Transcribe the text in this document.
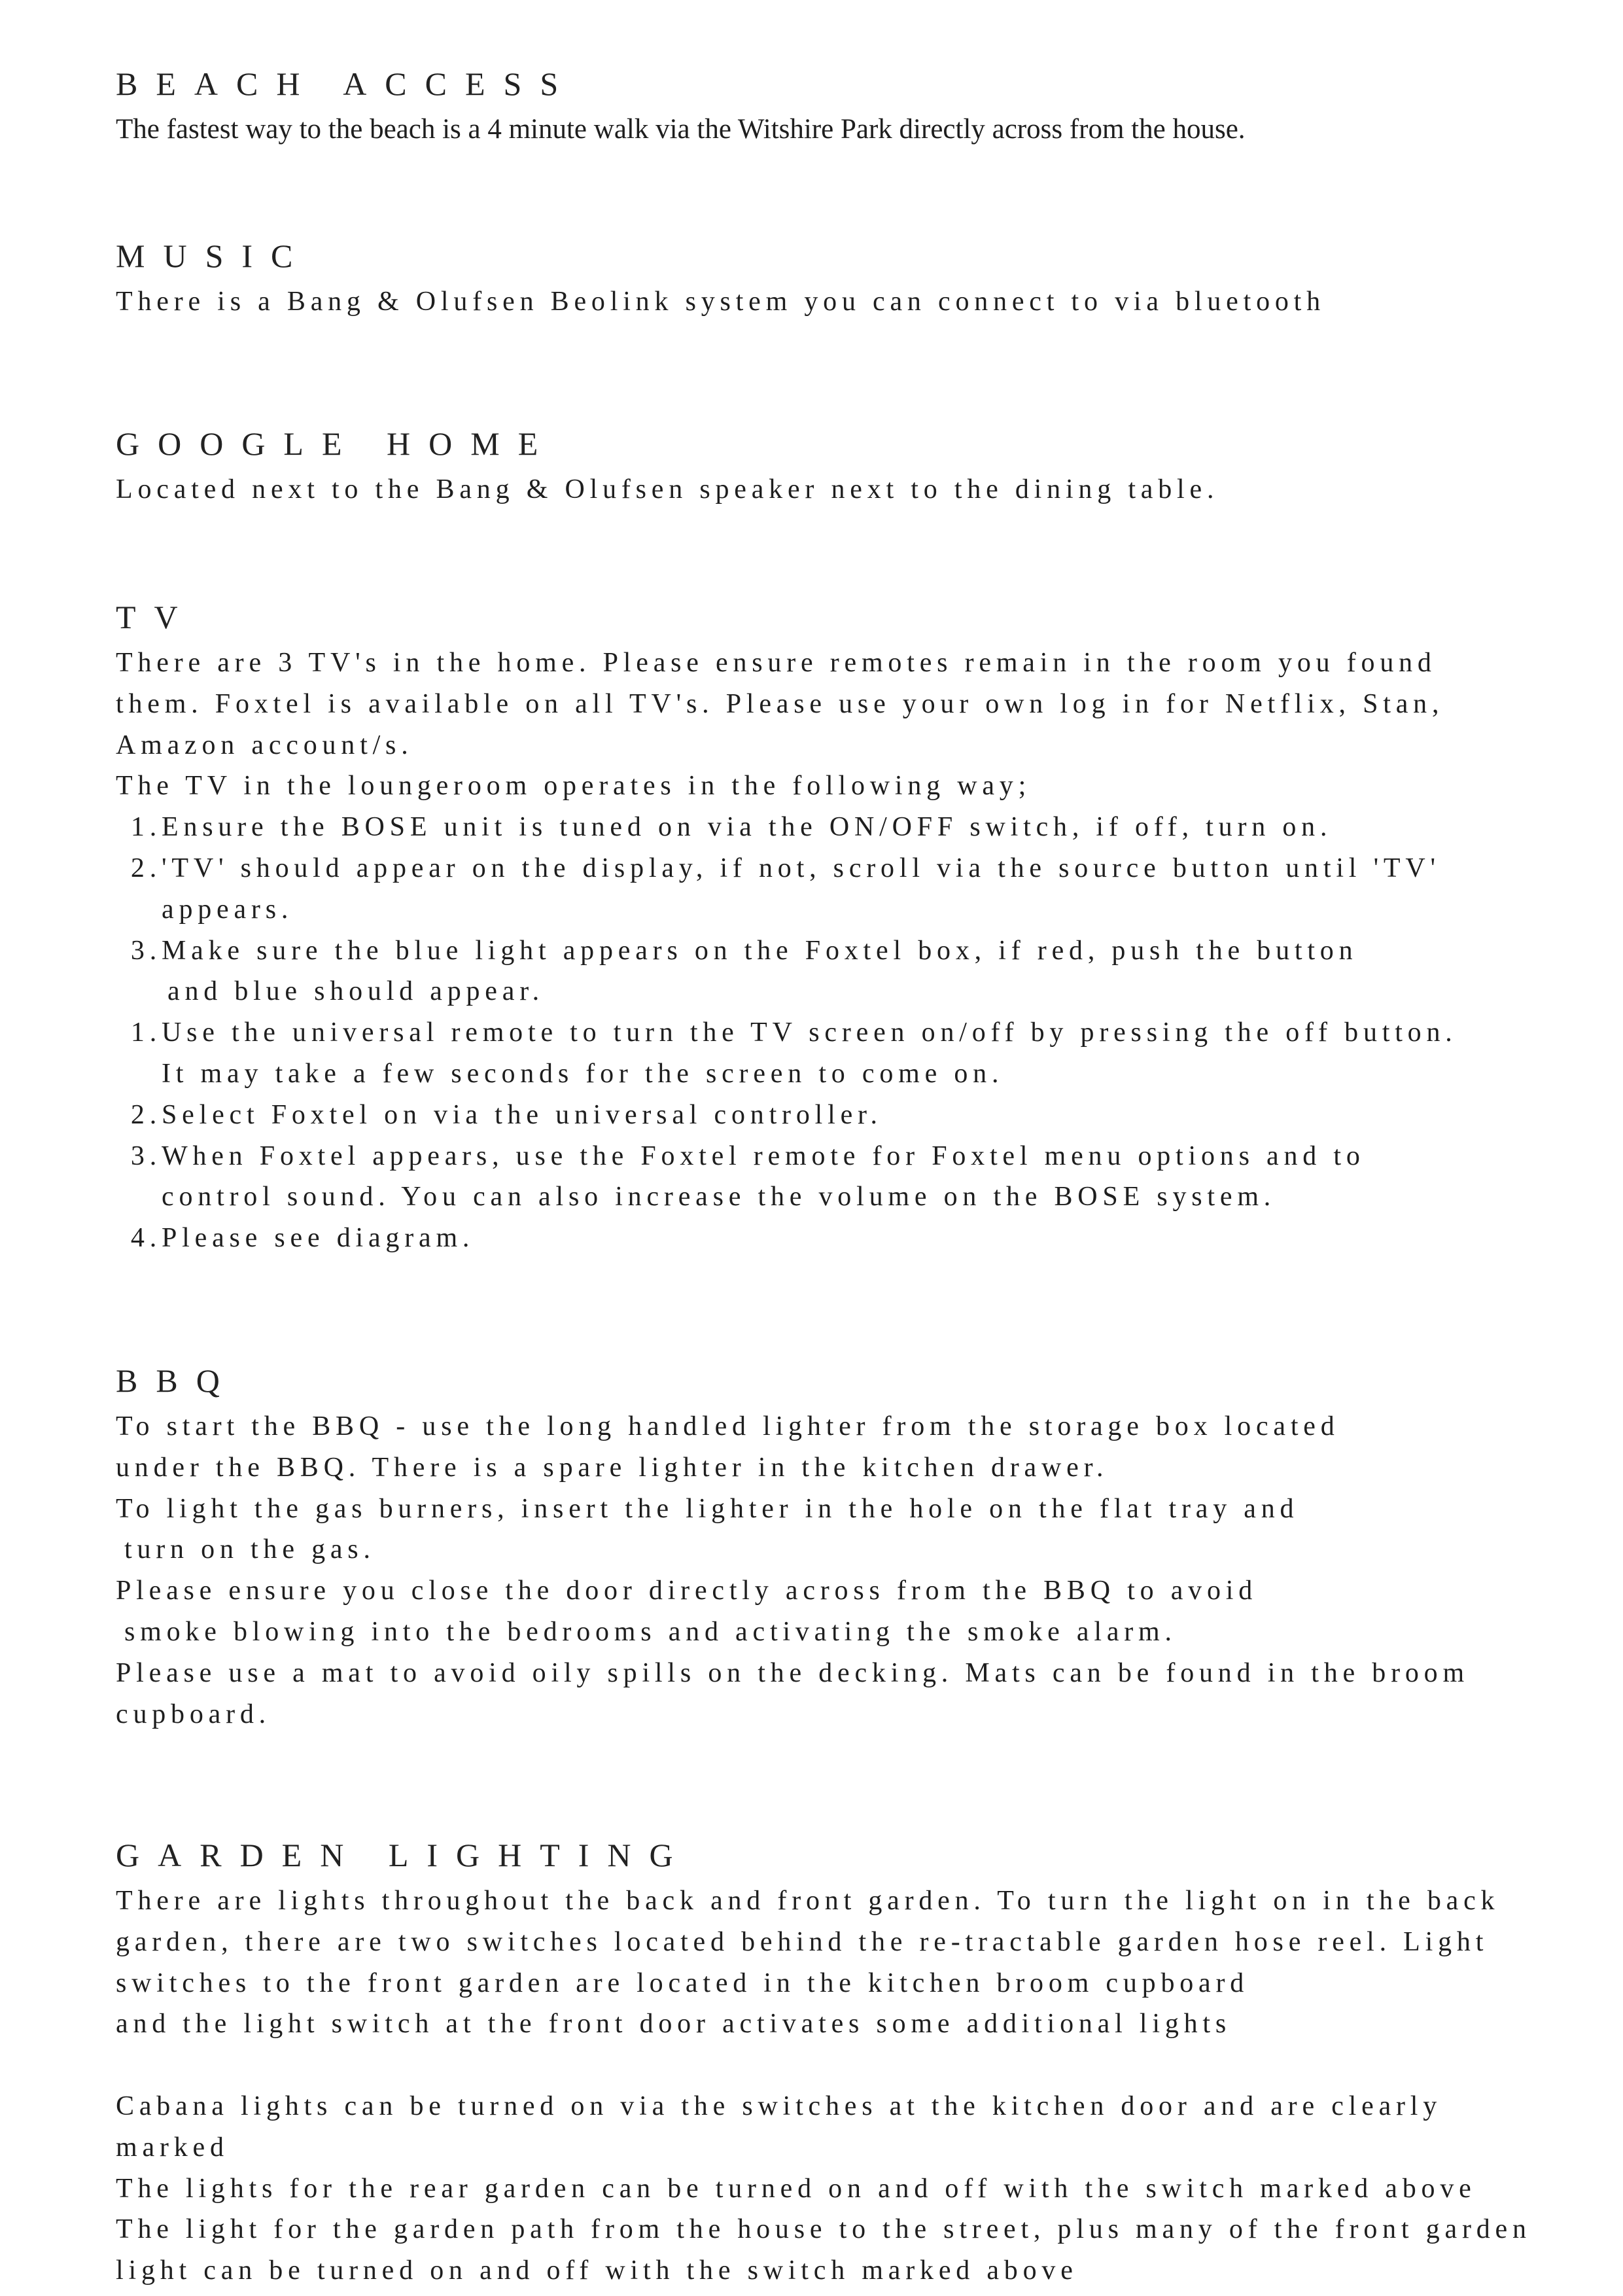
BEACH ACCESS
The fastest way to the beach is a 4 minute walk via the Witshire Park directly across from the house.
MUSIC
There is a Bang & Olufsen Beolink system you can connect to via bluetooth
GOOGLE HOME
Located next to the Bang & Olufsen speaker next to the dining table.
TV
There are 3 TV's in the home. Please ensure remotes remain in the room you found
them. Foxtel is available on all TV's. Please use your own log in for Netflix, Stan,
Amazon account/s.
The TV in the loungeroom operates in the following way;
1. Ensure the BOSE unit is tuned on via the ON/OFF switch, if off, turn on.
2. 'TV' should appear on the display, if not, scroll via the source button until 'TV'
appears.
3. Make sure the blue light appears on the Foxtel box, if red, push the button
and blue should appear.
1. Use the universal remote to turn the TV screen on/off by pressing the off button.
It may take a few seconds for the screen to come on.
2. Select Foxtel on via the universal controller.
3. When Foxtel appears, use the Foxtel remote for Foxtel menu options and to
control sound. You can also increase the volume on the BOSE system.
4. Please see diagram.
BBQ
To start the BBQ - use the long handled lighter from the storage box located
under the BBQ. There is a spare lighter in the kitchen drawer.
To light the gas burners, insert the lighter in the hole on the flat tray and
turn on the gas.
Please ensure you close the door directly across from the BBQ to avoid
smoke blowing into the bedrooms and activating the smoke alarm.
Please use a mat to avoid oily spills on the decking. Mats can be found in the broom
cupboard.
GARDEN LIGHTING
There are lights throughout the back and front garden. To turn the light on in the back
garden, there are two switches located behind the re-tractable garden hose reel. Light
switches to the front garden are located in the kitchen broom cupboard
and the light switch at the front door activates some additional lights
Cabana lights can be turned on via the switches at the kitchen door and are clearly
marked
The lights for the rear garden can be turned on and off with the switch marked above
The light for the garden path from the house to the street, plus many of the front garden
light can be turned on and off with the switch marked above
